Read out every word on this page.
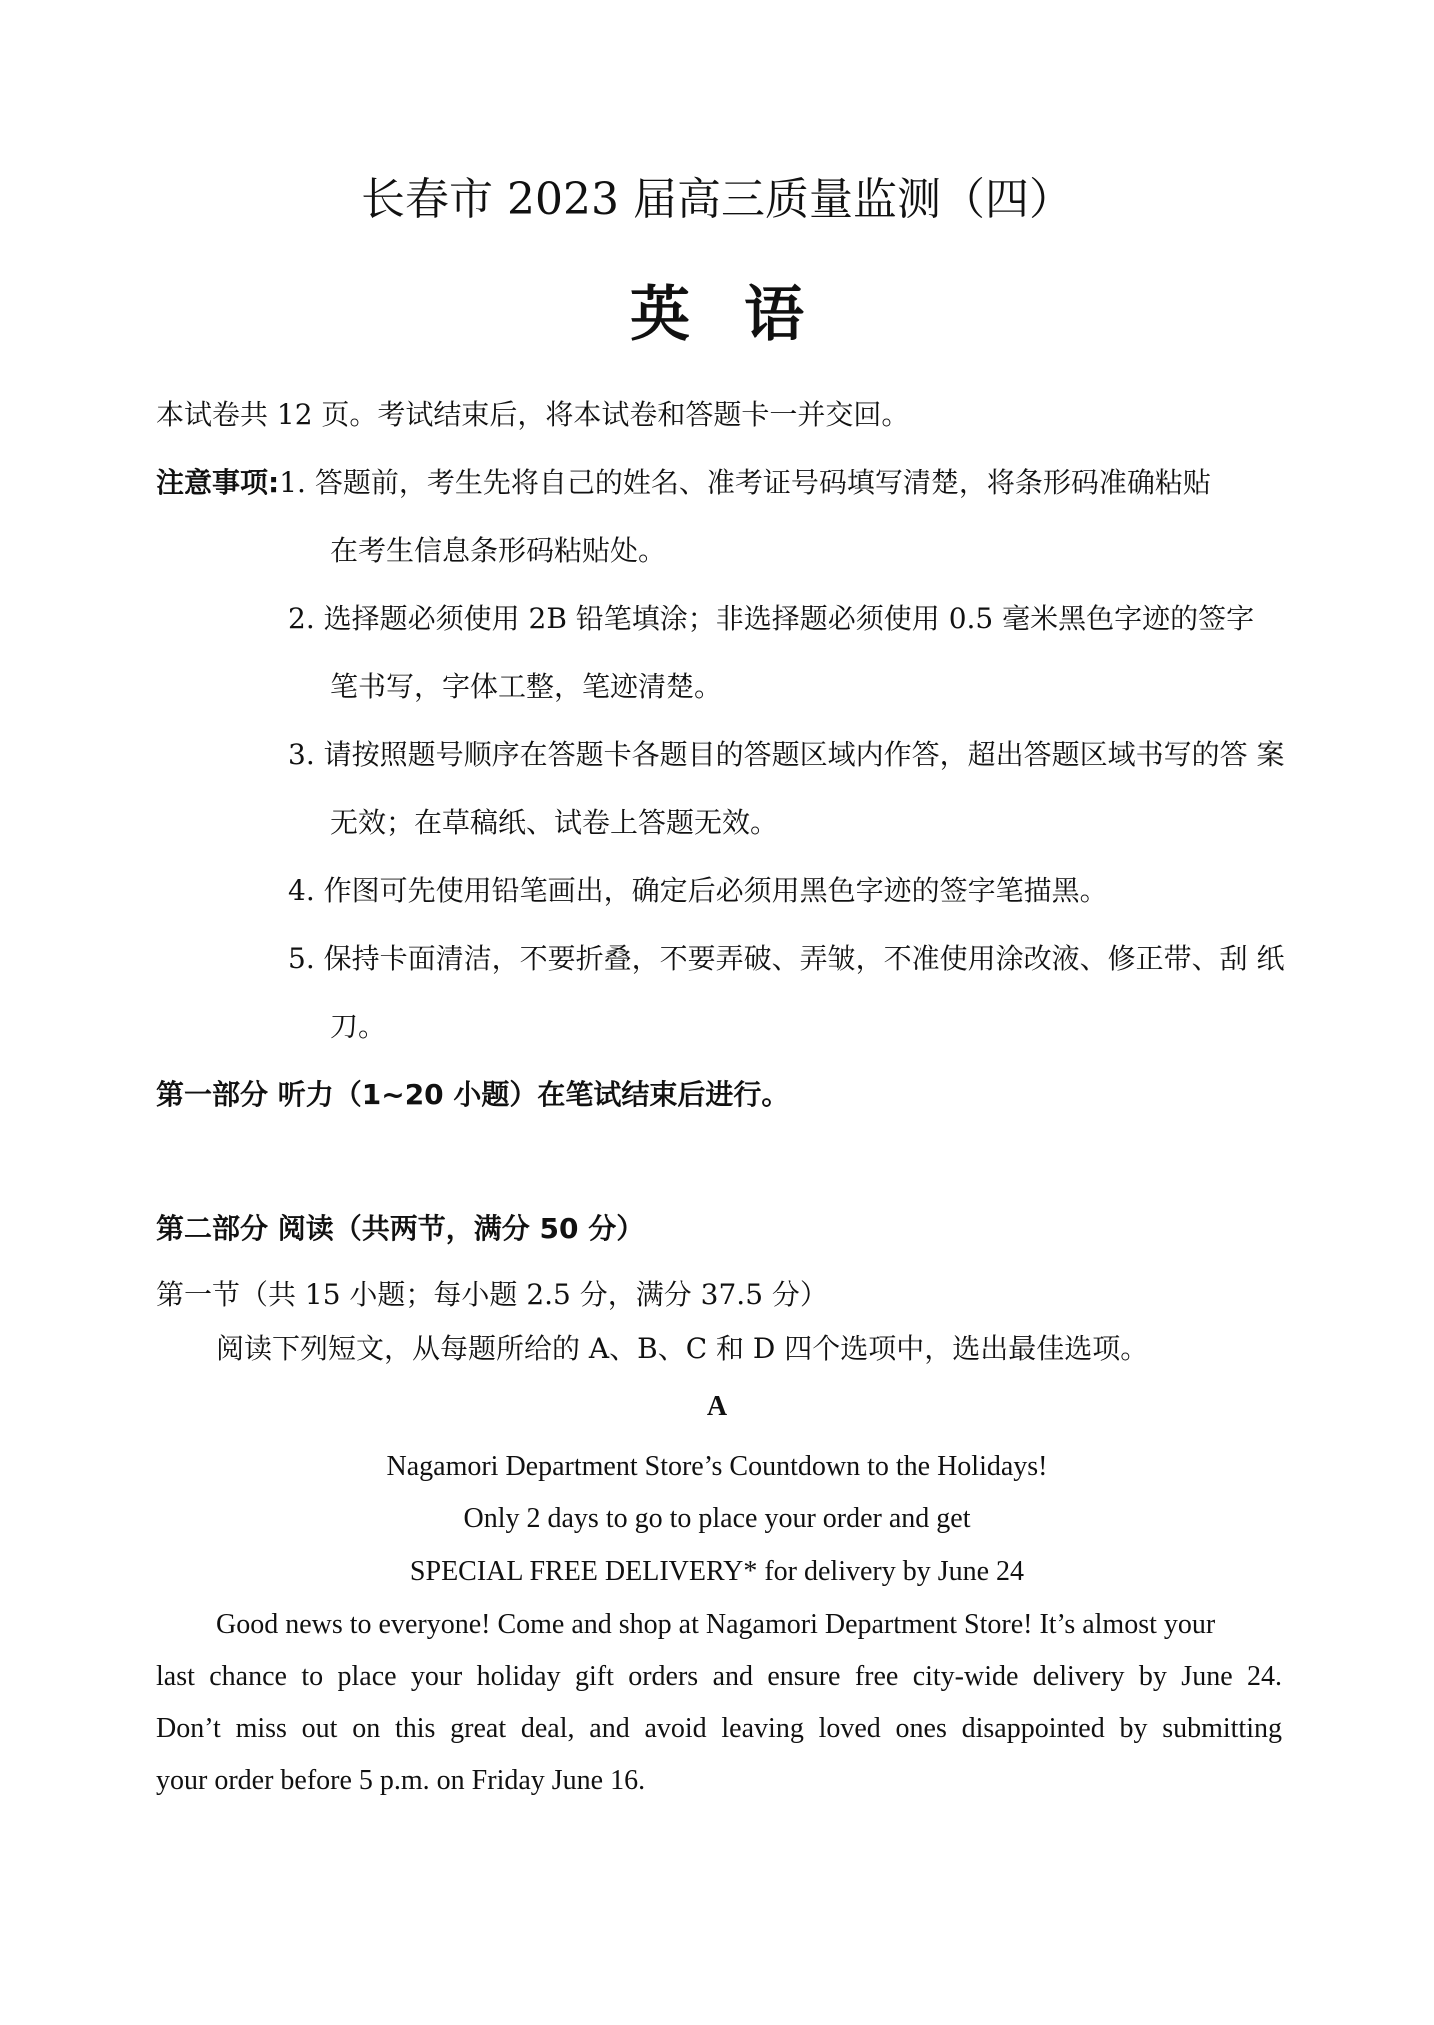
长春市 2023 届高三质量监测（四）
英语
本试卷共 12 页。考试结束后，将本试卷和答题卡一并交回。
注意事项:1. 答题前，考生先将自己的姓名、准考证号码填写清楚，将条形码准确粘贴
在考生信息条形码粘贴处。
2. 选择题必须使用 2B 铅笔填涂；非选择题必须使用 0.5 毫米黑色字迹的签字
笔书写，字体工整，笔迹清楚。
3. 请按照题号顺序在答题卡各题目的答题区域内作答，超出答题区域书写的答 案
无效；在草稿纸、试卷上答题无效。
4. 作图可先使用铅笔画出，确定后必须用黑色字迹的签字笔描黑。
5. 保持卡面清洁，不要折叠，不要弄破、弄皱，不准使用涂改液、修正带、刮 纸
刀。
第一部分 听力（1~20 小题）在笔试结束后进行。
第二部分 阅读（共两节，满分 50 分）
第一节（共 15 小题；每小题 2.5 分，满分 37.5 分）
阅读下列短文，从每题所给的 A、B、C 和 D 四个选项中，选出最佳选项。
A
Nagamori Department Store’s Countdown to the Holidays!
Only 2 days to go to place your order and get
SPECIAL FREE DELIVERY* for delivery by June 24
Good news to everyone! Come and shop at Nagamori Department Store! It’s almost your
last chance to place your holiday gift orders and ensure free city-wide delivery by June 24.
Don’t miss out on this great deal, and avoid leaving loved ones disappointed by submitting
your order before 5 p.m. on Friday June 16.
